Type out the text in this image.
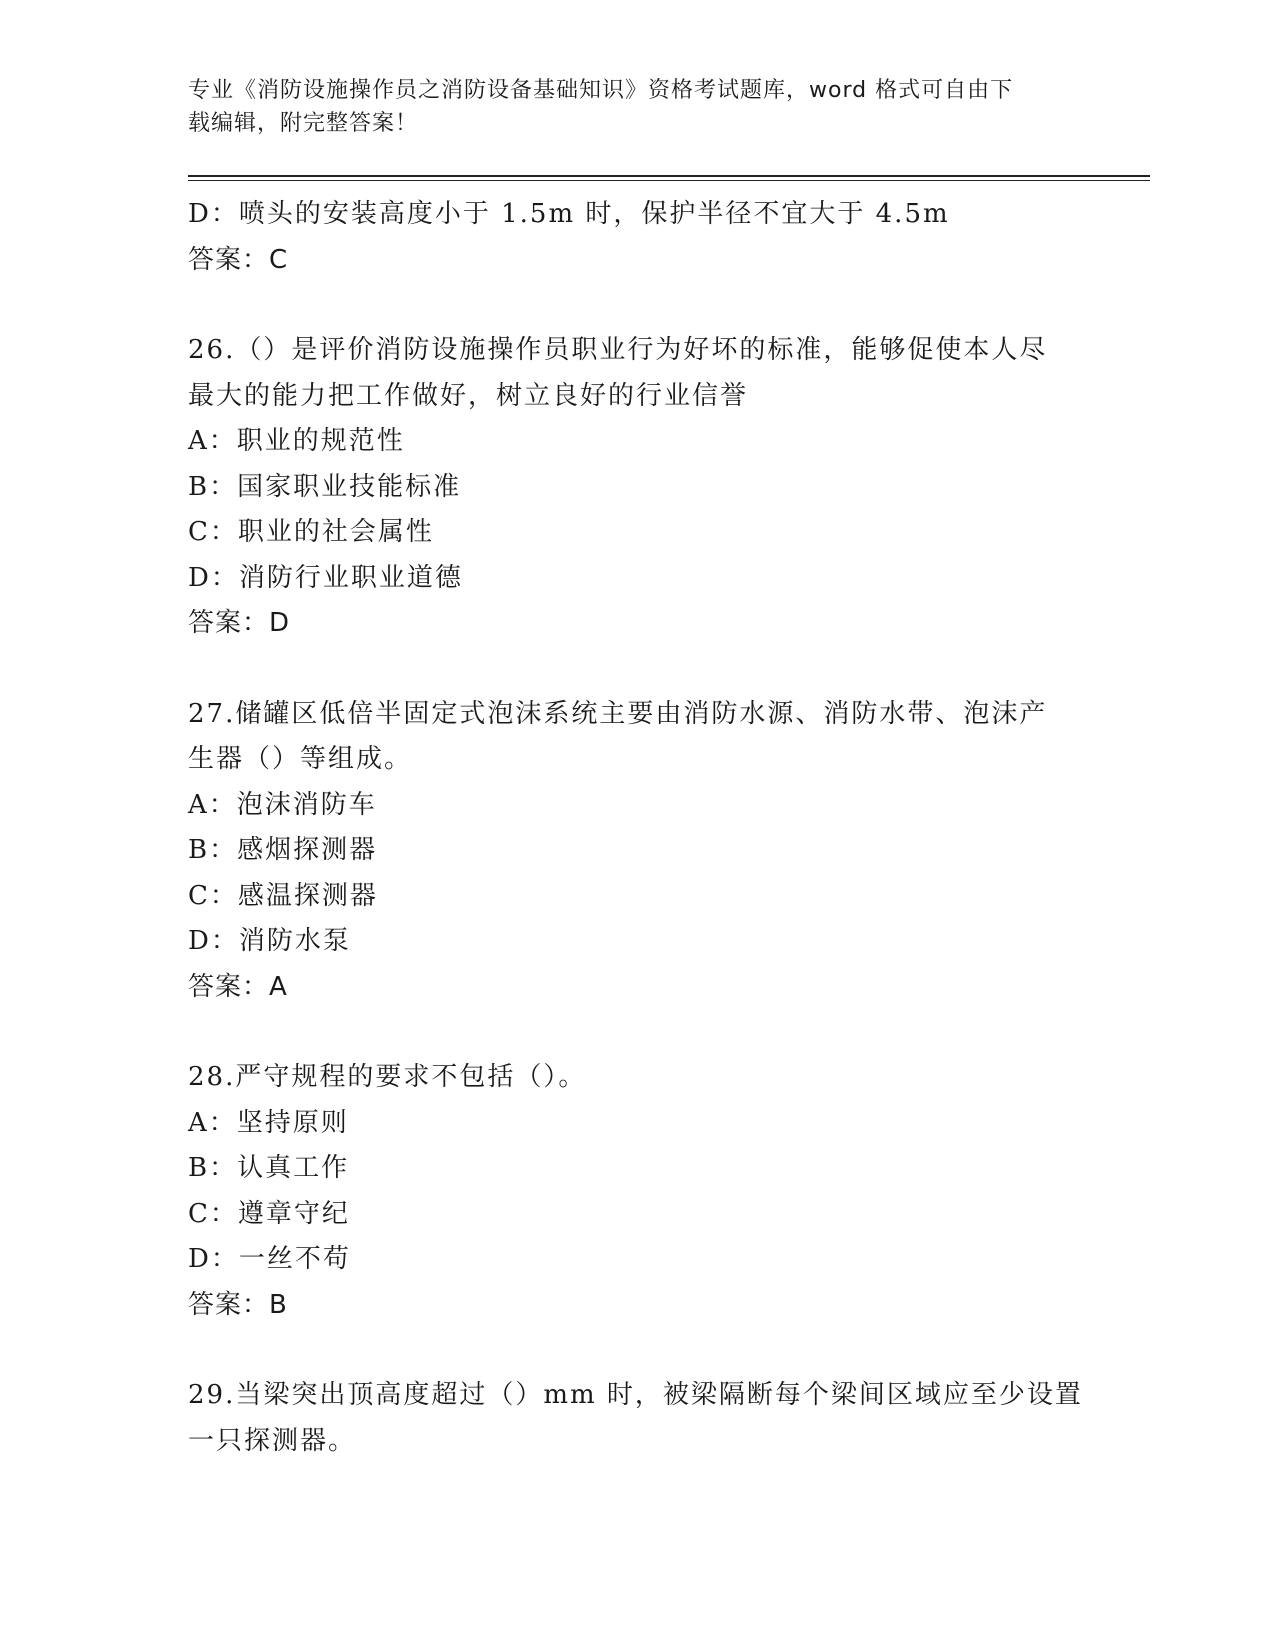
专业《消防设施操作员之消防设备基础知识》资格考试题库，word 格式可自由下
载编辑，附完整答案！
D：喷头的安装高度小于 1.5m 时，保护半径不宜大于 4.5m
答案：C
26.（）是评价消防设施操作员职业行为好坏的标准，能够促使本人尽
最大的能力把工作做好，树立良好的行业信誉
A：职业的规范性
B：国家职业技能标准
C：职业的社会属性
D：消防行业职业道德
答案：D
27.储罐区低倍半固定式泡沫系统主要由消防水源、消防水带、泡沫产
生器（）等组成。
A：泡沫消防车
B：感烟探测器
C：感温探测器
D：消防水泵
答案：A
28.严守规程的要求不包括（）。
A：坚持原则
B：认真工作
C：遵章守纪
D：一丝不苟
答案：B
29.当梁突出顶高度超过（）mm 时，被梁隔断每个梁间区域应至少设置
一只探测器。
